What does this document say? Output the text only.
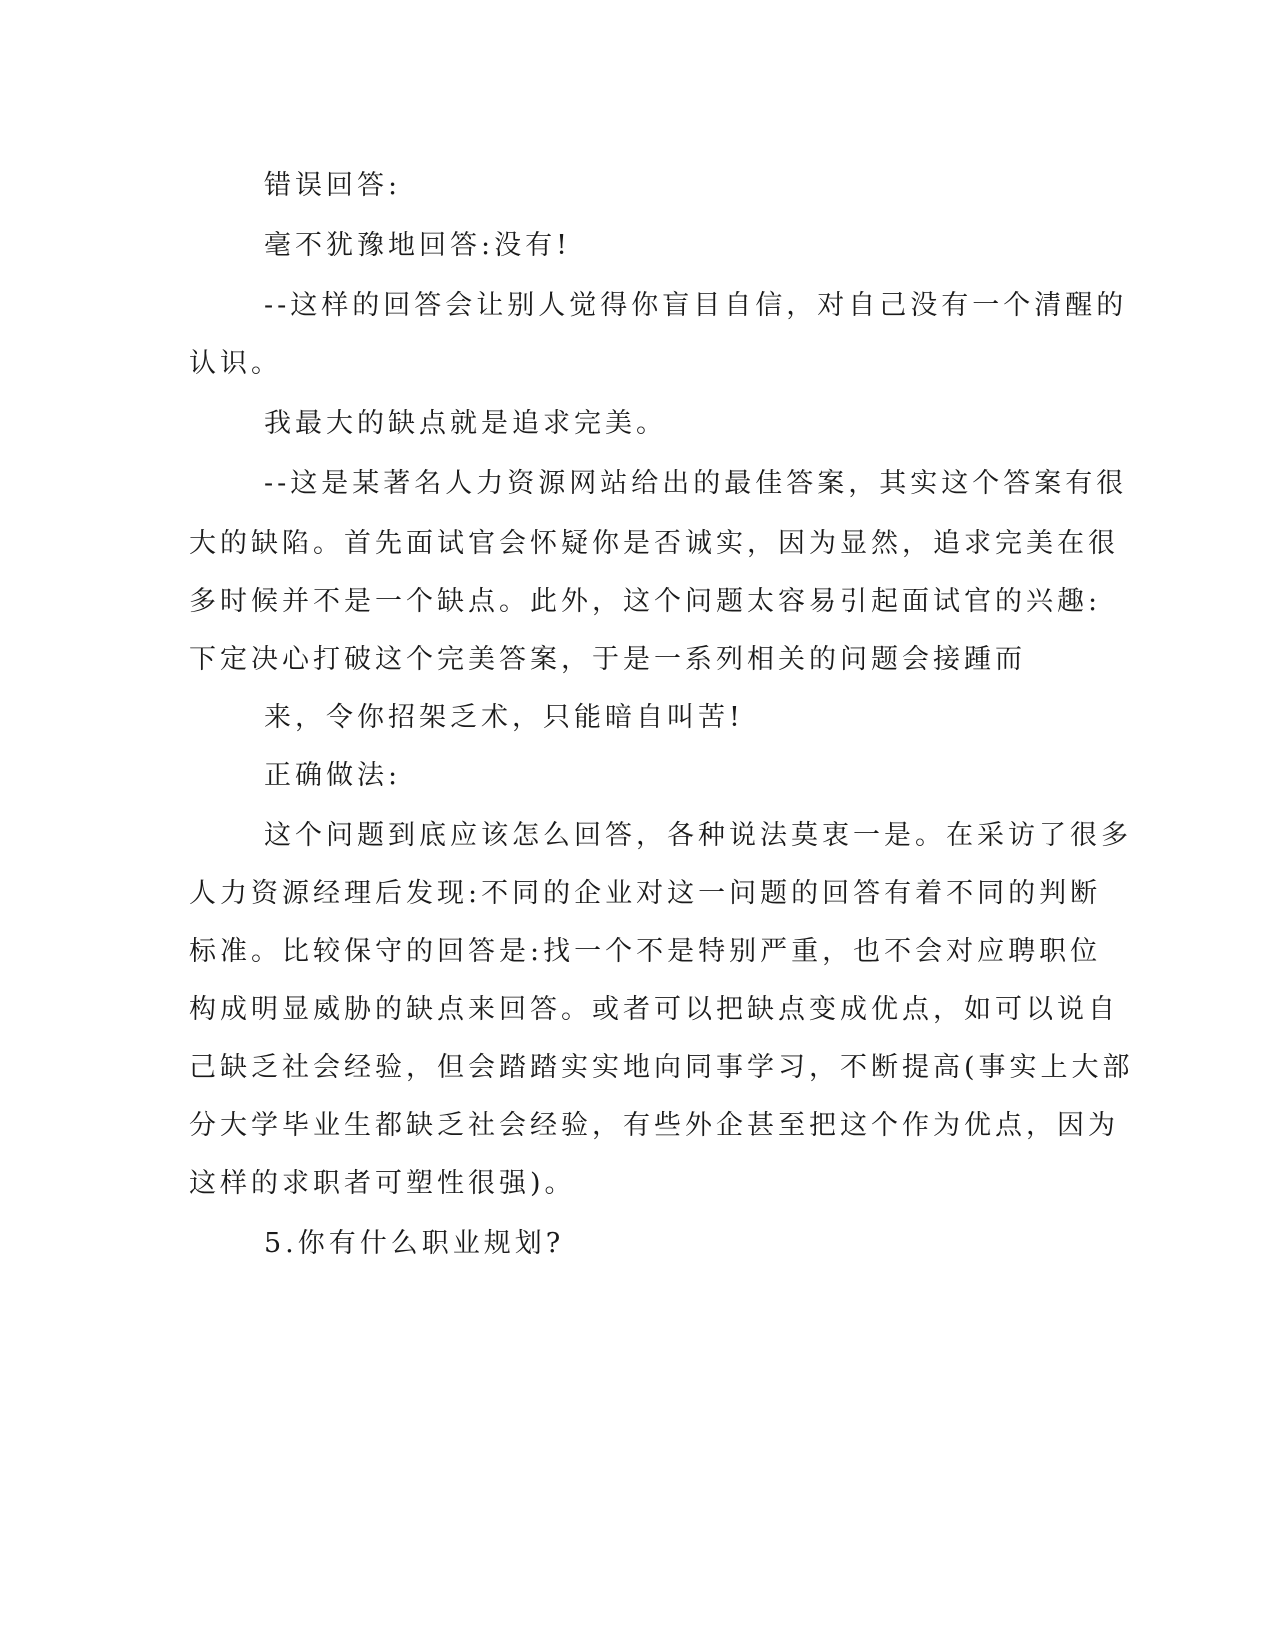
错误回答:

毫不犹豫地回答:没有!

--这样的回答会让别人觉得你盲目自信，对自己没有一个清醒的

认识。

我最大的缺点就是追求完美。

--这是某著名人力资源网站给出的最佳答案，其实这个答案有很

大的缺陷。首先面试官会怀疑你是否诚实，因为显然，追求完美在很

多时候并不是一个缺点。此外，这个问题太容易引起面试官的兴趣:

下定决心打破这个完美答案，于是一系列相关的问题会接踵而

来，令你招架乏术，只能暗自叫苦!

正确做法:

这个问题到底应该怎么回答，各种说法莫衷一是。在采访了很多

人力资源经理后发现:不同的企业对这一问题的回答有着不同的判断

标准。比较保守的回答是:找一个不是特别严重，也不会对应聘职位

构成明显威胁的缺点来回答。或者可以把缺点变成优点，如可以说自

己缺乏社会经验，但会踏踏实实地向同事学习，不断提高(事实上大部

分大学毕业生都缺乏社会经验，有些外企甚至把这个作为优点，因为

这样的求职者可塑性很强)。

5.你有什么职业规划?
